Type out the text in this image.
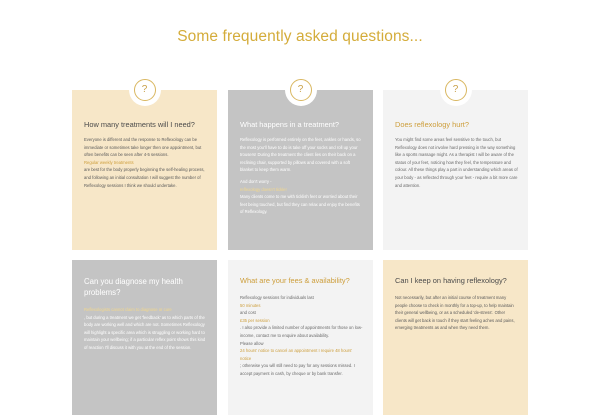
Some frequently asked questions...
?
How many treatments will I need?

Everyone is different and the response to Reflexology can be immediate or sometimes take longer then one appointment, but often benefits can be seen after 4-5 sessions.

Regular weekly treatments

are best for the body properly beginning the self-healing process, and following an initial consultation I will suggest the number of Reflexology sessions I think we should undertake.

?
What happens in a treatment?

Reflexology is performed entirely on the feet, ankles or hands, so the most you'll have to do is take off your socks and roll up your trousers! During the treatment the client lies on their back on a reclining chair, supported by pillows and covered with a soft blanket to keep them warm.

And don't worry -

reflexology doesn't tickle!

Many clients come to me with ticklish feet or worried about their feet being touched, but find they can relax and enjoy the benefits of Reflexology.

?
Does reflexology hurt?

You might find some areas feel sensitive to the touch, but Reflexology does not involve hard pressing in the way something like a sports massage might. As a therapist I will be aware of the status of your feet, noticing how they feel, the temperature and colour. All these things play a part in understanding which areas of your body - as reflected through your feet - require a bit more care and attention.

Can you diagnose my health problems?

Reflexologists cannot claim to diagnose or cure

, but during a treatment we get 'feedback' as to which parts of the body are working well and which are not. Sometimes Reflexology will highlight a specific area which is struggling or working hard to maintain your wellbeing; if a particular reflex point shows this kind of reaction I'll discuss it with you at the end of the session.

What are your fees & availability?

Reflexology sessions for individuals last

50 minutes

and cost

£35 per session

. I also provide a limited number of appointments for those on low-income, contact me to enquire about availability.

Please allow

24 hours' notice to cancel an appointment I require 48 hours' notice

; otherwise you will still need to pay for any sessions missed. I accept payment in cash, by cheque or by bank transfer.

Can I keep on having reflexology?

Not necessarily, but after an initial course of treatment many people choose to check in monthly for a top-up, to help maintain their general wellbeing, or as a scheduled 'de-stress'. Other clients will get back in touch if they start feeling aches and pains, emerging treatments as and when they need them.
